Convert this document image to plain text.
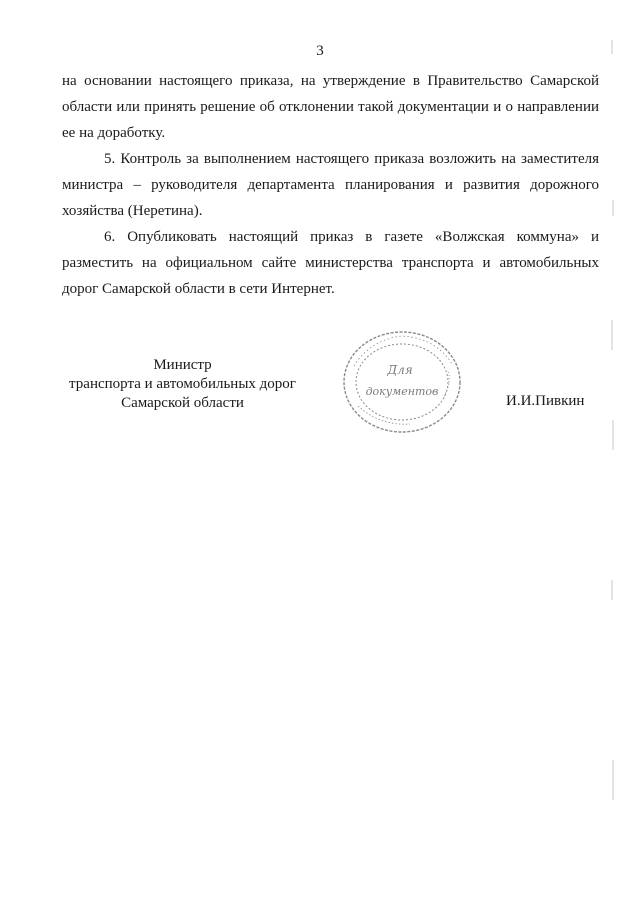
3
на основании настоящего приказа, на утверждение в Правительство Самарской области или принять решение об отклонении такой документации и о направлении ее на доработку.
5. Контроль за выполнением настоящего приказа возложить на заместителя министра – руководителя департамента планирования и развития дорожного хозяйства (Неретина).
6. Опубликовать настоящий приказ в газете «Волжская коммуна» и разместить на официальном сайте министерства транспорта и автомобильных дорог Самарской области в сети Интернет.
Министр
транспорта и автомобильных дорог
Самарской области	И.И.Пивкин
Для
документов
